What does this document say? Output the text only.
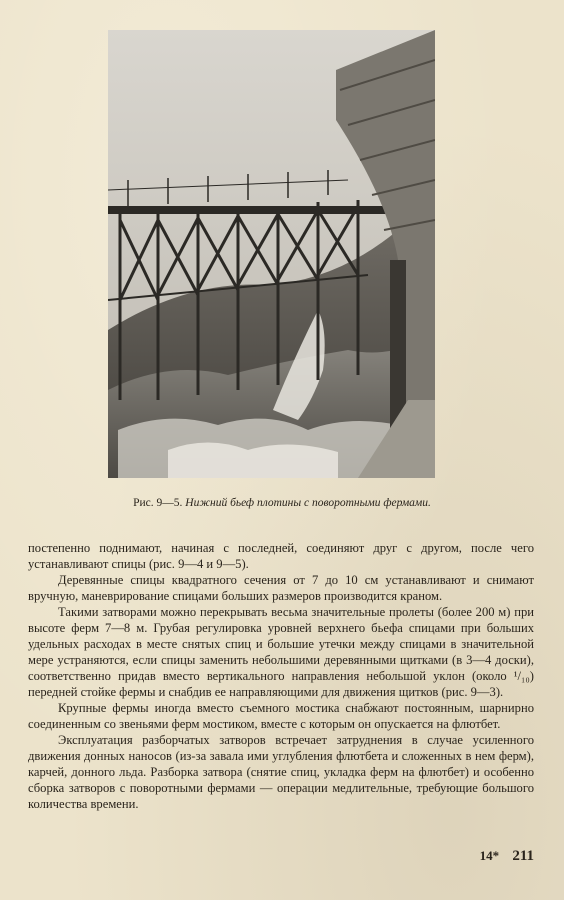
Рис. 9—5. Нижний бьеф плотины с поворотными фермами.

постепенно поднимают, начиная с последней, соединяют друг с другом, после чего устанавливают спицы (рис. 9—4 и 9—5).

Деревянные спицы квадратного сечения от 7 до 10 см устанавливают и снимают вручную, маневрирование спицами больших размеров производится краном.

Такими затворами можно перекрывать весьма значительные пролеты (более 200 м) при высоте ферм 7—8 м. Грубая регулировка уровней верхнего бьефа спицами при больших удельных расходах в месте снятых спиц и большие утечки между спицами в значительной мере устраняются, если спицы заменить небольшими деревянными щитками (в 3—4 доски), соответственно придав вместо вертикального направления небольшой уклон (около ¹/₁₀) передней стойке фермы и снабдив ее направляющими для движения щитков (рис. 9—3).

Крупные фермы иногда вместо съемного мостика снабжают постоянным, шарнирно соединенным со звеньями ферм мостиком, вместе с которым он опускается на флютбет.

Эксплуатация разборчатых затворов встречает затруднения в случае усиленного движения донных наносов (из-за завала ими углубления флютбета и сложенных в нем ферм), карчей, донного льда. Разборка затвора (снятие спиц, укладка ферм на флютбет) и особенно сборка затворов с поворотными фермами — операции медлительные, требующие большого количества времени.

14* 211
